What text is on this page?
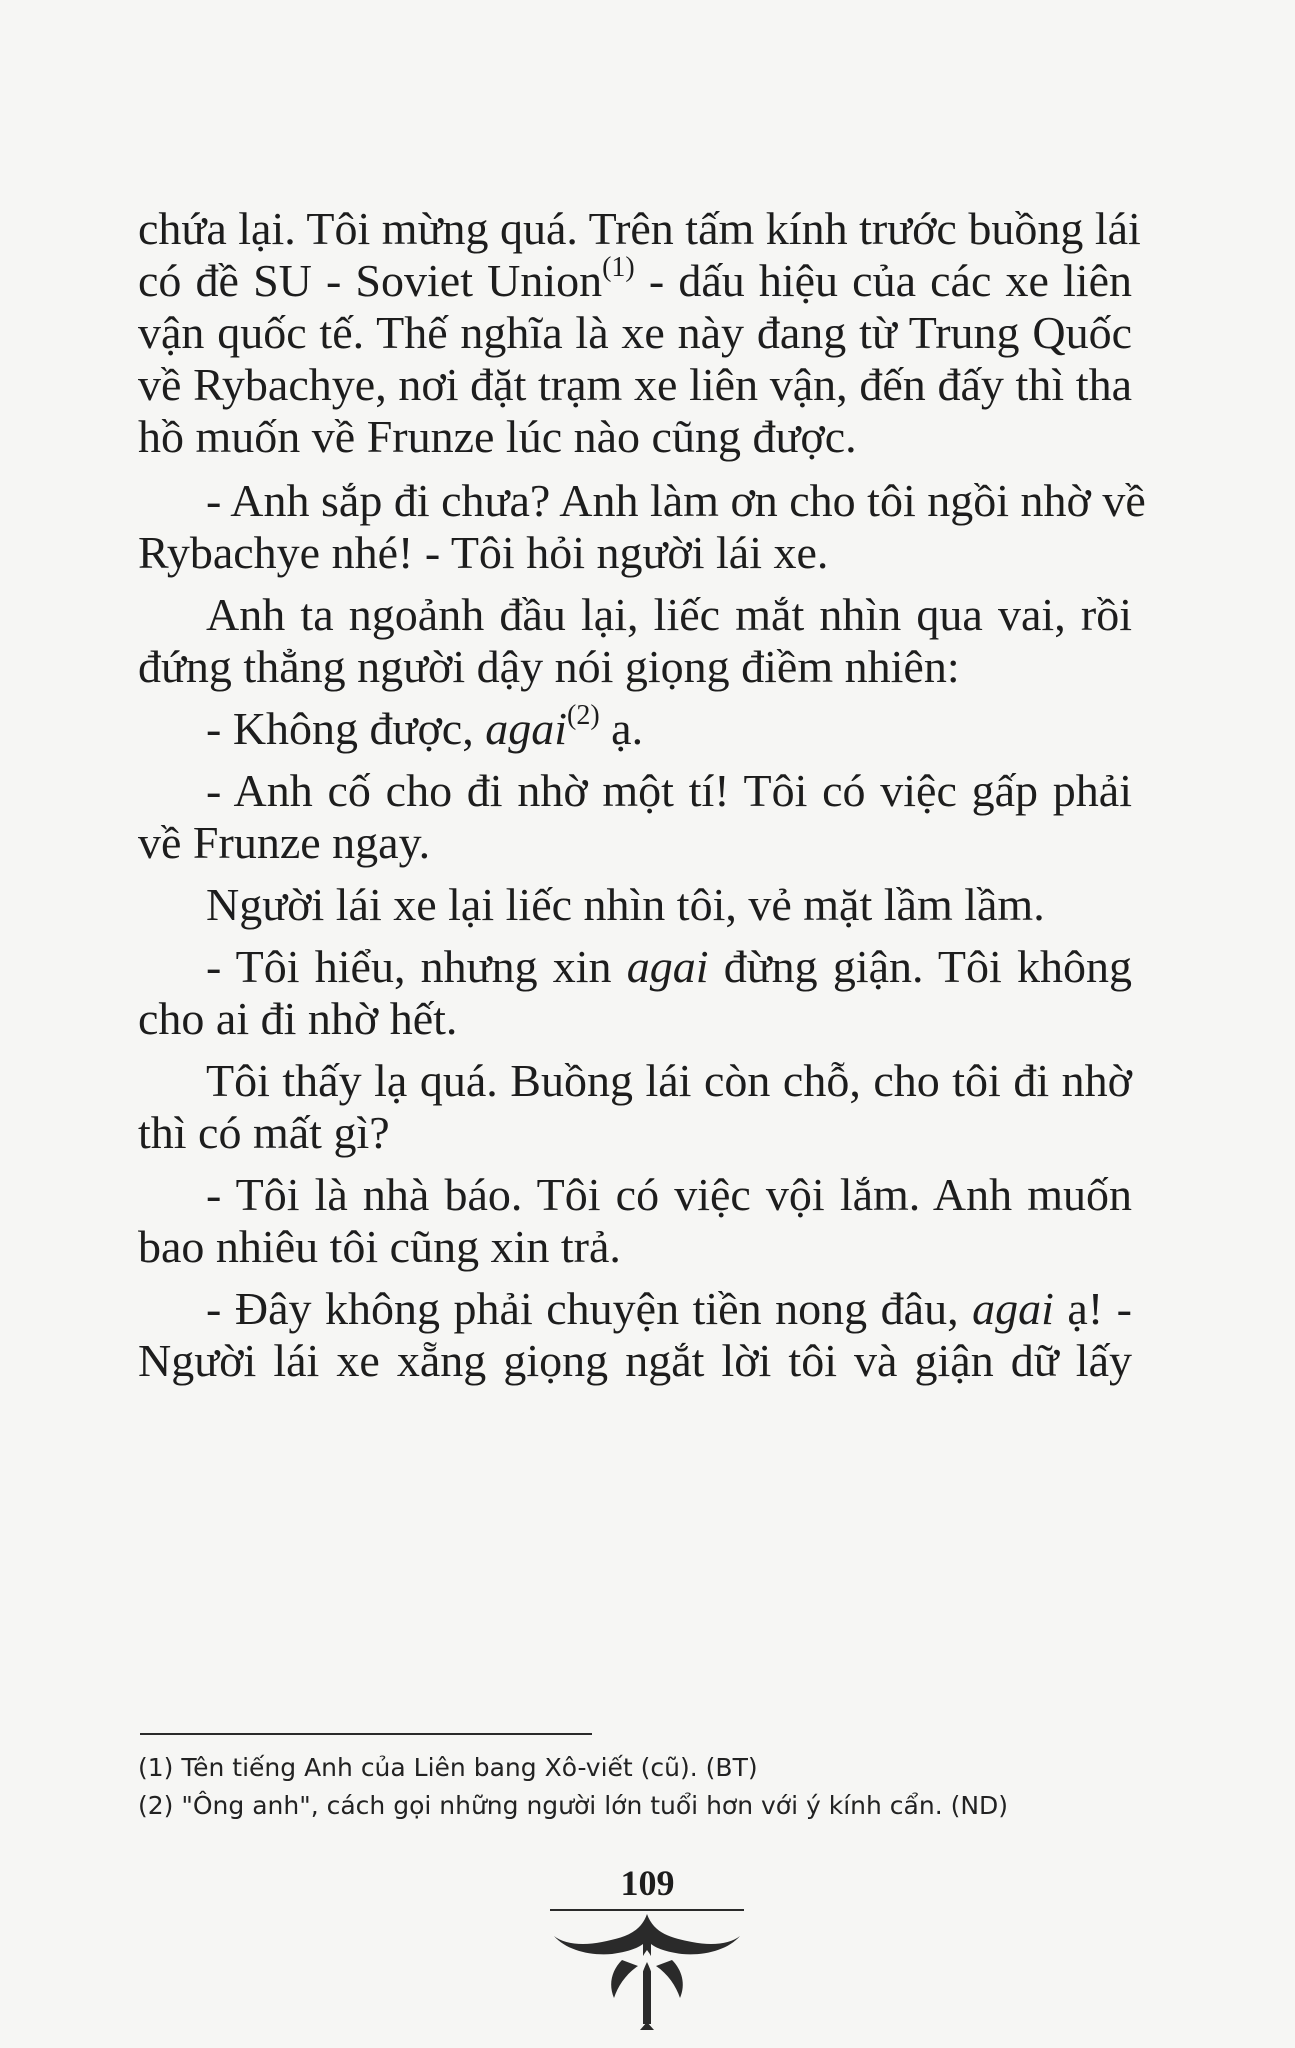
chứa lại. Tôi mừng quá. Trên tấm kính trước buồng lái
có đề SU - Soviet Union$^{(1)}$ - dấu hiệu của các xe liên
vận quốc tế. Thế nghĩa là xe này đang từ Trung Quốc
về Rybachye, nơi đặt trạm xe liên vận, đến đấy thì tha
hồ muốn về Frunze lúc nào cũng được.
- Anh sắp đi chưa? Anh làm ơn cho tôi ngồi nhờ về
Rybachye nhé! - Tôi hỏi người lái xe.
Anh ta ngoảnh đầu lại, liếc mắt nhìn qua vai, rồi
đứng thẳng người dậy nói giọng điềm nhiên:
- Không được, agai$^{(2)}$ ạ.
- Anh cố cho đi nhờ một tí! Tôi có việc gấp phải
về Frunze ngay.
Người lái xe lại liếc nhìn tôi, vẻ mặt lầm lầm.
- Tôi hiểu, nhưng xin agai đừng giận. Tôi không
cho ai đi nhờ hết.
Tôi thấy lạ quá. Buồng lái còn chỗ, cho tôi đi nhờ
thì có mất gì?
- Tôi là nhà báo. Tôi có việc vội lắm. Anh muốn
bao nhiêu tôi cũng xin trả.
- Đây không phải chuyện tiền nong đâu, agai ạ! -
Người lái xe xẵng giọng ngắt lời tôi và giận dữ lấy
(1) Tên tiếng Anh của Liên bang Xô-viết (cũ). (BT)
(2) "Ông anh", cách gọi những người lớn tuổi hơn với ý kính cẩn. (ND)
109
